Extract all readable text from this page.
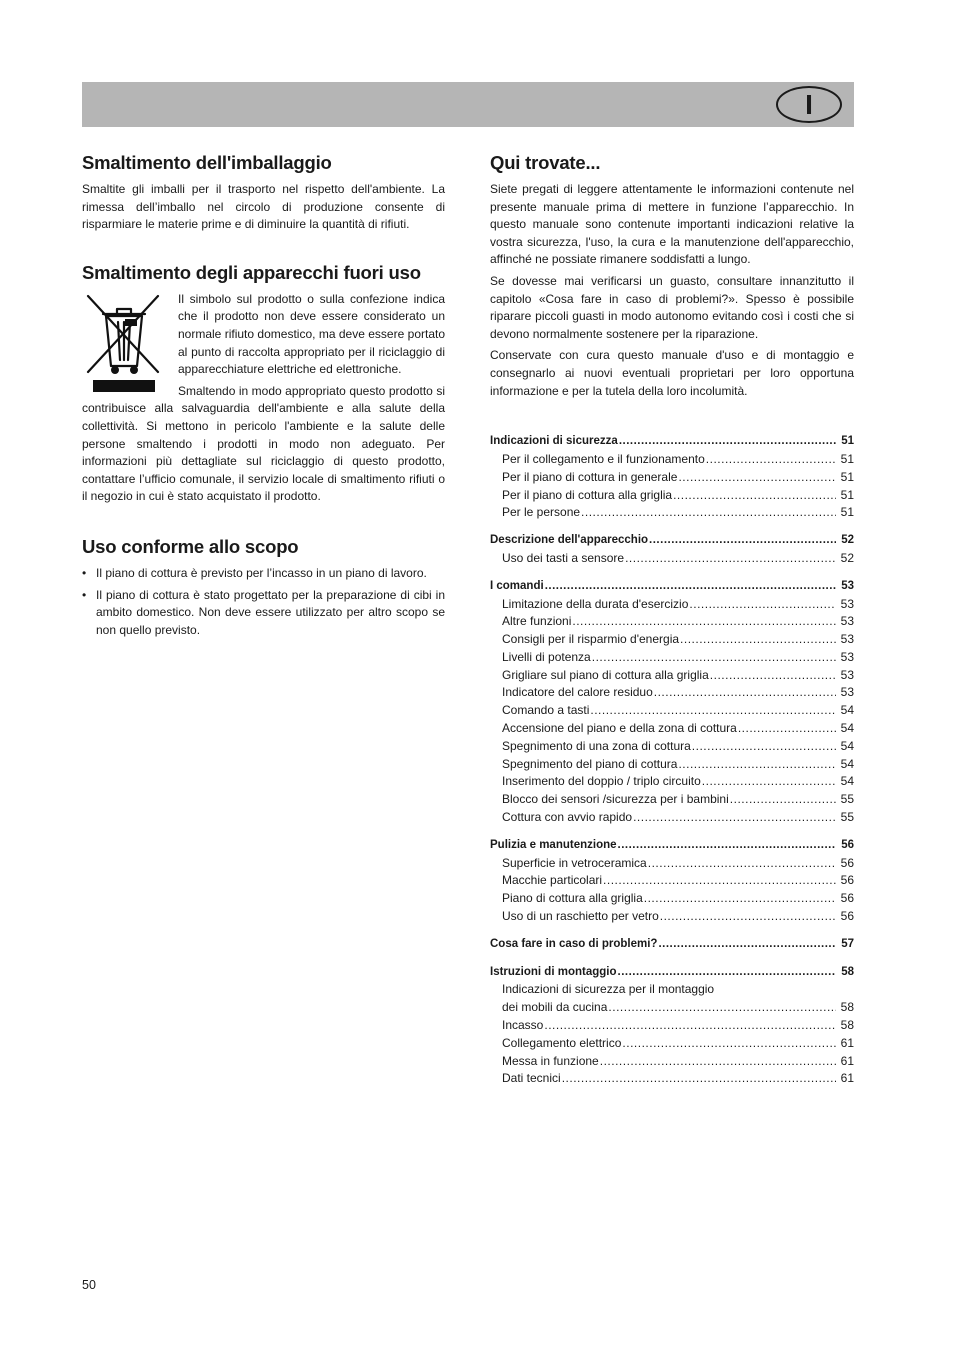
I
Smaltimento dell'imballaggio

Smaltite gli imballi per il trasporto nel rispetto dell'ambiente. La rimessa dell’imballo nel circolo di produzione consente di risparmiare le materie prime e di diminuire la quantità di rifiuti.

Smaltimento degli apparecchi fuori uso

Il simbolo sul prodotto o sulla confezione indica che il prodotto non deve essere considerato un normale rifiuto domestico, ma deve essere portato al punto di raccolta appropriato per il riciclaggio di apparecchiature elettriche ed elettroniche.

Smaltendo in modo appropriato questo prodotto si contribuisce alla salvaguardia dell'ambiente e alla salute della collettività. Si mettono in pericolo l'ambiente e la salute delle persone smaltendo i prodotti in modo non adeguato. Per informazioni più dettagliate sul riciclaggio di questo prodotto, contattare l’ufficio comunale, il servizio locale di smaltimento rifiuti o il negozio in cui è stato acquistato il prodotto.

Uso conforme allo scopo
• Il piano di cottura è previsto per l’incasso in un piano di lavoro.
• Il piano di cottura è stato progettato per la preparazione di cibi in ambito domestico. Non deve essere utilizzato per altro scopo se non quello previsto.
Qui trovate...

Siete pregati di leggere attentamente le informazioni contenute nel presente manuale prima di mettere in funzione l’apparecchio. In questo manuale sono contenute importanti indicazioni relative la vostra sicurezza, l'uso, la cura e la manutenzione dell'apparecchio, affinché ne possiate rimanere soddisfatti a lungo.

Se dovesse mai verificarsi un guasto, consultare innanzitutto il capitolo «Cosa fare in caso di problemi?». Spesso è possibile riparare piccoli guasti in modo autonomo evitando così i costi che si devono normalmente sostenere per la riparazione.

Conservate con cura questo manuale d'uso e di montaggio e consegnarlo ai nuovi eventuali proprietari per loro opportuna informazione e per la tutela della loro incolumità.

Indicazioni di sicurezza .....	51
Per il collegamento e il funzionamento .....	51
Per il piano di cottura in generale .....	51
Per il piano di cottura alla griglia .....	51
Per le persone .....	51
Descrizione dell'apparecchio .....	52
Uso dei tasti a sensore .....	52
I comandi .....	53
Limitazione della durata d'esercizio .....	53
Altre funzioni .....	53
Consigli per il risparmio d'energia .....	53
Livelli di potenza .....	53
Grigliare sul piano di cottura alla griglia .....	53
Indicatore del calore residuo .....	53
Comando a tasti .....	54
Accensione del piano e della zona di cottura .....	54
Spegnimento di una zona di cottura .....	54
Spegnimento del piano di cottura .....	54
Inserimento del doppio / triplo circuito .....	54
Blocco dei sensori /sicurezza per i bambini .....	55
Cottura con avvio rapido .....	55
Pulizia e manutenzione .....	56
Superficie in vetroceramica .....	56
Macchie particolari .....	56
Piano di cottura alla griglia .....	56
Uso di un raschietto per vetro .....	56
Cosa fare in caso di problemi? .....	57
Istruzioni di montaggio .....	58
Indicazioni di sicurezza per il montaggio
dei mobili da cucina .....	58
Incasso .....	58
Collegamento elettrico .....	61
Messa in funzione .....	61
Dati tecnici .....	61
50
